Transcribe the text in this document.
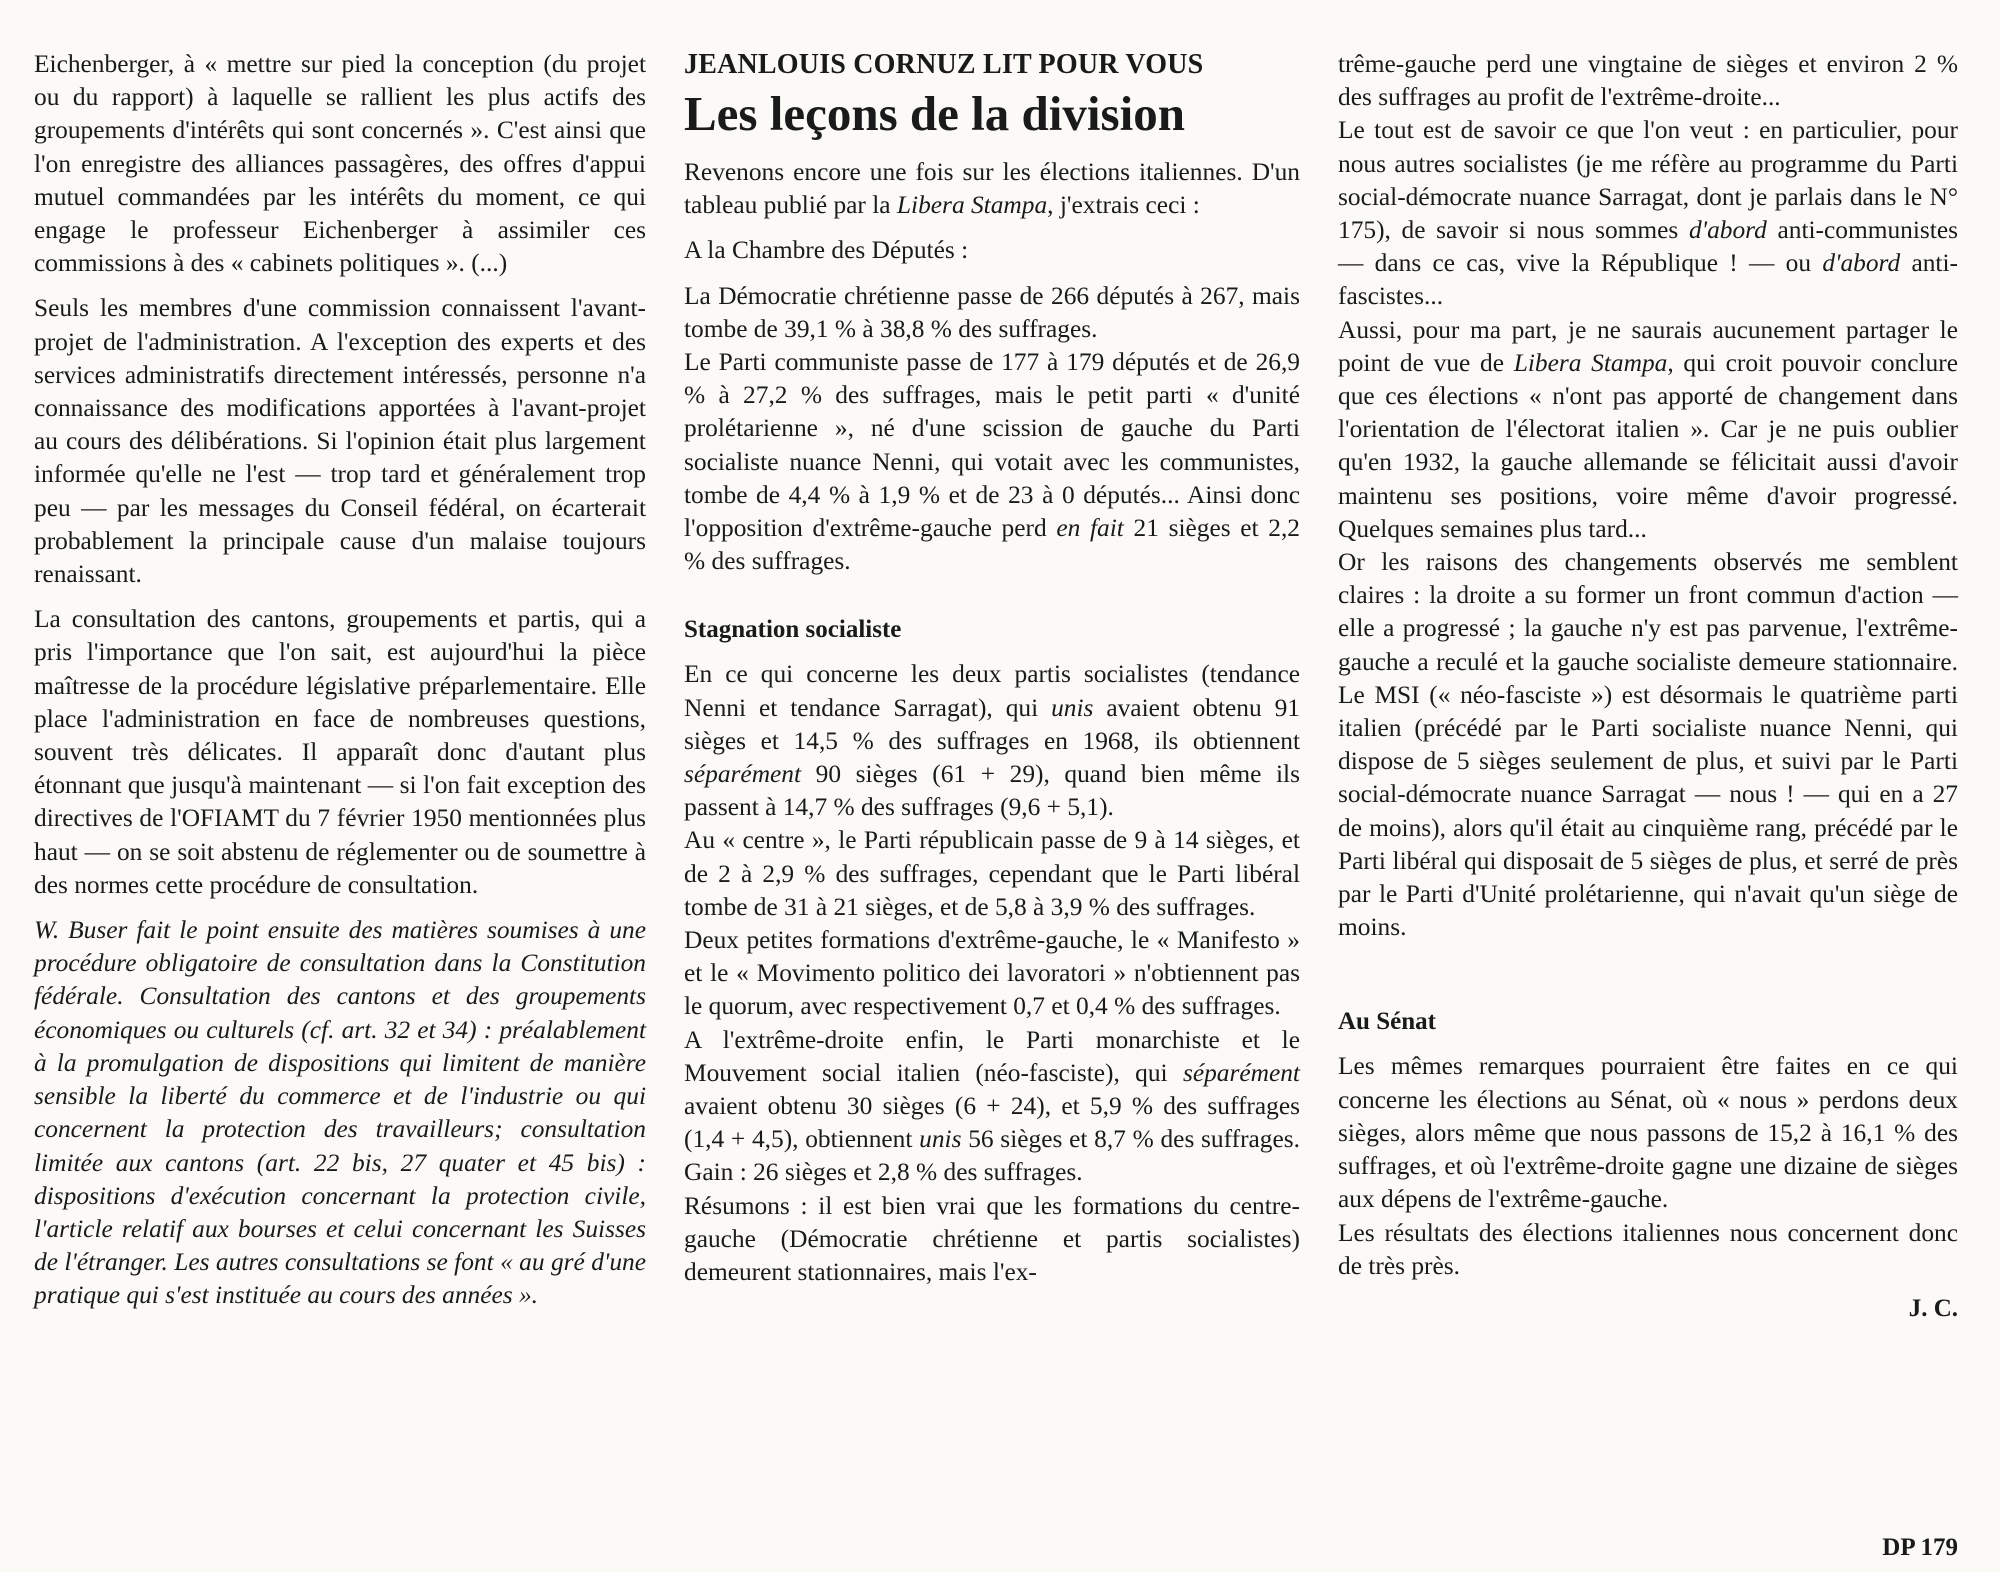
Eichenberger, à « mettre sur pied la conception (du projet ou du rapport) à laquelle se rallient les plus actifs des groupements d'intérêts qui sont concernés ». C'est ainsi que l'on enregistre des alliances passagères, des offres d'appui mutuel commandées par les intérêts du moment, ce qui engage le professeur Eichenberger à assimiler ces commissions à des « cabinets politiques ». (...)

Seuls les membres d'une commission connaissent l'avant-projet de l'administration. A l'exception des experts et des services administratifs directement intéressés, personne n'a connaissance des modifications apportées à l'avant-projet au cours des délibérations. Si l'opinion était plus largement informée qu'elle ne l'est — trop tard et généralement trop peu — par les messages du Conseil fédéral, on écarterait probablement la principale cause d'un malaise toujours renaissant.

La consultation des cantons, groupements et partis, qui a pris l'importance que l'on sait, est aujourd'hui la pièce maîtresse de la procédure législative préparlementaire. Elle place l'administration en face de nombreuses questions, souvent très délicates. Il apparaît donc d'autant plus étonnant que jusqu'à maintenant — si l'on fait exception des directives de l'OFIAMT du 7 février 1950 mentionnées plus haut — on se soit abstenu de réglementer ou de soumettre à des normes cette procédure de consultation.

W. Buser fait le point ensuite des matières soumises à une procédure obligatoire de consultation dans la Constitution fédérale. Consultation des cantons et des groupements économiques ou culturels (cf. art. 32 et 34) : préalablement à la promulgation de dispositions qui limitent de manière sensible la liberté du commerce et de l'industrie ou qui concernent la protection des travailleurs; consultation limitée aux cantons (art. 22 bis, 27 quater et 45 bis) : dispositions d'exécution concernant la protection civile, l'article relatif aux bourses et celui concernant les Suisses de l'étranger. Les autres consultations se font « au gré d'une pratique qui s'est instituée au cours des années ».

JEANLOUIS CORNUZ LIT POUR VOUS
Les leçons de la division

Revenons encore une fois sur les élections italiennes. D'un tableau publié par la Libera Stampa, j'extrais ceci :

A la Chambre des Députés :

La Démocratie chrétienne passe de 266 députés à 267, mais tombe de 39,1 % à 38,8 % des suffrages.

Le Parti communiste passe de 177 à 179 députés et de 26,9 % à 27,2 % des suffrages, mais le petit parti « d'unité prolétarienne », né d'une scission de gauche du Parti socialiste nuance Nenni, qui votait avec les communistes, tombe de 4,4 % à 1,9 % et de 23 à 0 députés... Ainsi donc l'opposition d'extrême-gauche perd en fait 21 sièges et 2,2 % des suffrages.

Stagnation socialiste

En ce qui concerne les deux partis socialistes (tendance Nenni et tendance Sarragat), qui unis avaient obtenu 91 sièges et 14,5 % des suffrages en 1968, ils obtiennent séparément 90 sièges (61 + 29), quand bien même ils passent à 14,7 % des suffrages (9,6 + 5,1).

Au « centre », le Parti républicain passe de 9 à 14 sièges, et de 2 à 2,9 % des suffrages, cependant que le Parti libéral tombe de 31 à 21 sièges, et de 5,8 à 3,9 % des suffrages.

Deux petites formations d'extrême-gauche, le « Manifesto » et le « Movimento politico dei lavoratori » n'obtiennent pas le quorum, avec respectivement 0,7 et 0,4 % des suffrages.

A l'extrême-droite enfin, le Parti monarchiste et le Mouvement social italien (néo-fasciste), qui séparément avaient obtenu 30 sièges (6 + 24), et 5,9 % des suffrages (1,4 + 4,5), obtiennent unis 56 sièges et 8,7 % des suffrages. Gain : 26 sièges et 2,8 % des suffrages.

Résumons : il est bien vrai que les formations du centre-gauche (Démocratie chrétienne et partis socialistes) demeurent stationnaires, mais l'ex-

trême-gauche perd une vingtaine de sièges et environ 2 % des suffrages au profit de l'extrême-droite...

Le tout est de savoir ce que l'on veut : en particulier, pour nous autres socialistes (je me réfère au programme du Parti social-démocrate nuance Sarragat, dont je parlais dans le N° 175), de savoir si nous sommes d'abord anti-communistes — dans ce cas, vive la République ! — ou d'abord anti-fascistes...

Aussi, pour ma part, je ne saurais aucunement partager le point de vue de Libera Stampa, qui croit pouvoir conclure que ces élections « n'ont pas apporté de changement dans l'orientation de l'électorat italien ». Car je ne puis oublier qu'en 1932, la gauche allemande se félicitait aussi d'avoir maintenu ses positions, voire même d'avoir progressé. Quelques semaines plus tard...

Or les raisons des changements observés me semblent claires : la droite a su former un front commun d'action — elle a progressé ; la gauche n'y est pas parvenue, l'extrême-gauche a reculé et la gauche socialiste demeure stationnaire. Le MSI (« néo-fasciste ») est désormais le quatrième parti italien (précédé par le Parti socialiste nuance Nenni, qui dispose de 5 sièges seulement de plus, et suivi par le Parti social-démocrate nuance Sarragat — nous ! — qui en a 27 de moins), alors qu'il était au cinquième rang, précédé par le Parti libéral qui disposait de 5 sièges de plus, et serré de près par le Parti d'Unité prolétarienne, qui n'avait qu'un siège de moins.

Au Sénat

Les mêmes remarques pourraient être faites en ce qui concerne les élections au Sénat, où « nous » perdons deux sièges, alors même que nous passons de 15,2 à 16,1 % des suffrages, et où l'extrême-droite gagne une dizaine de sièges aux dépens de l'extrême-gauche.

Les résultats des élections italiennes nous concernent donc de très près.

J. C.
DP 179
